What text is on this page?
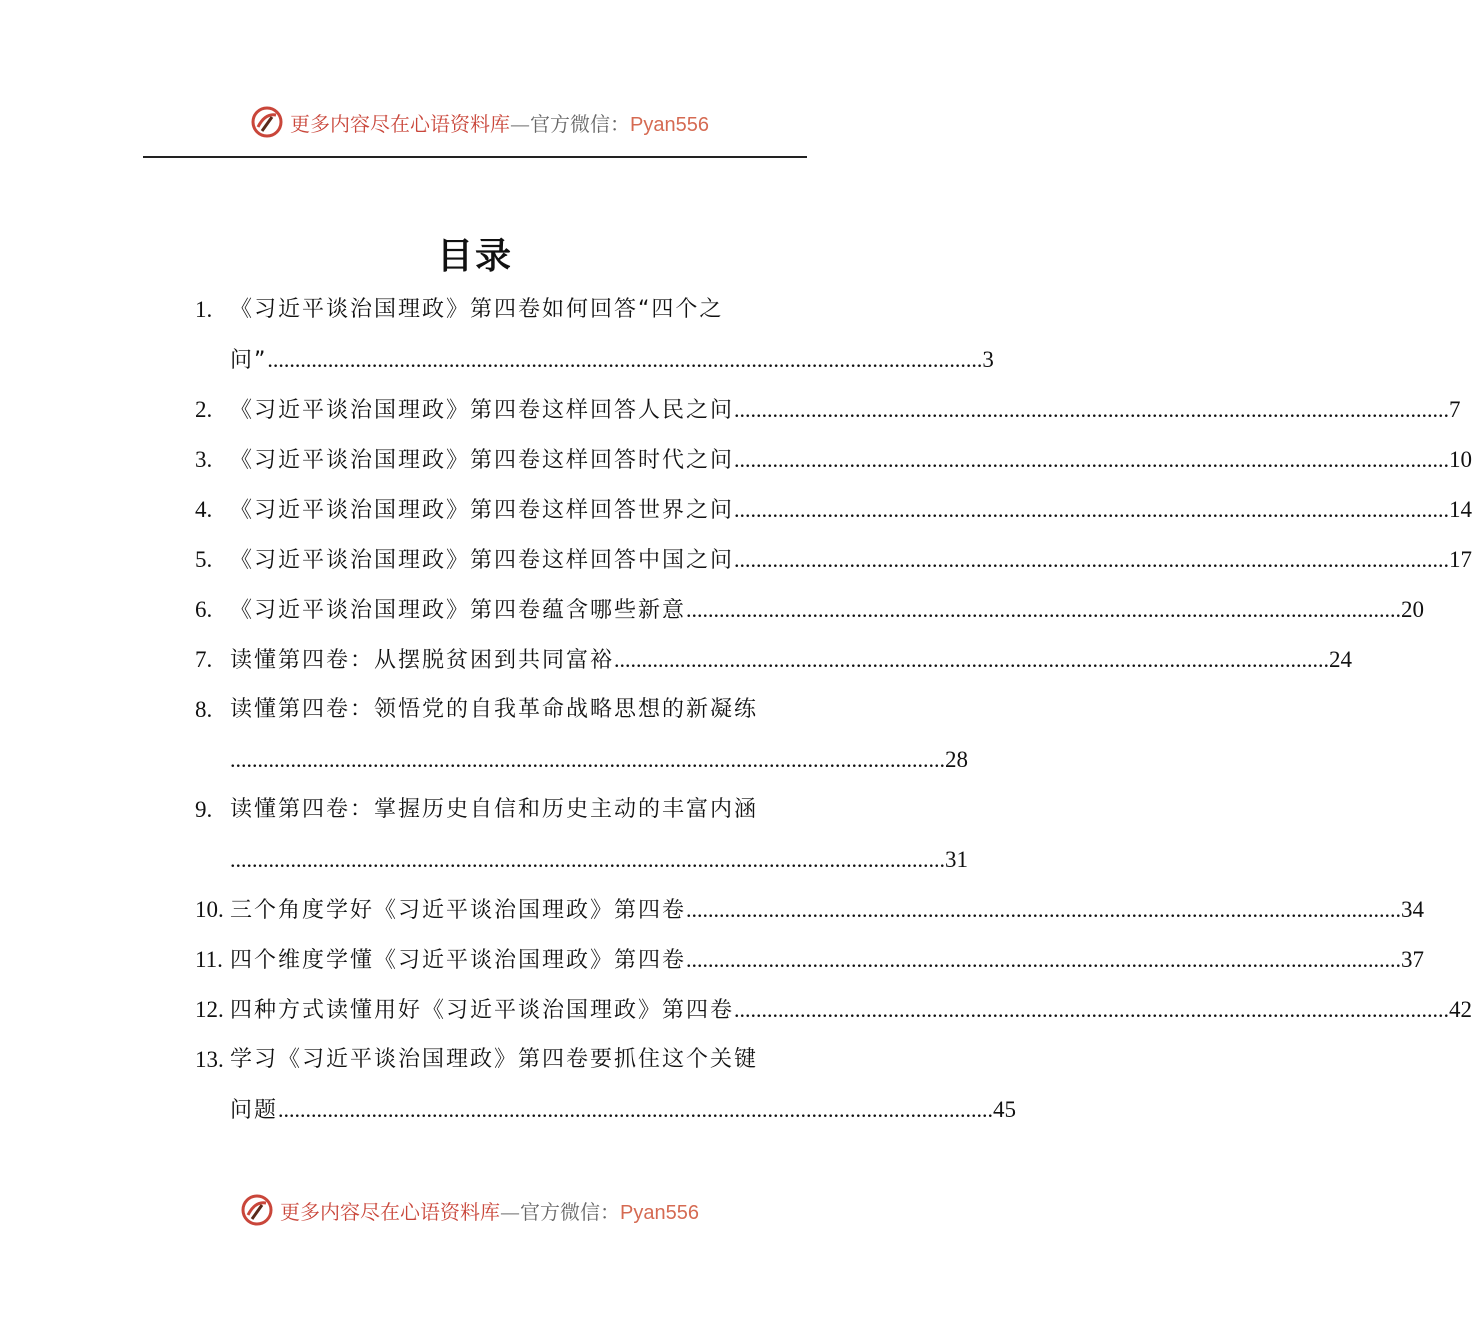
更多内容尽在心语资料库—官方微信：Pyan556
目录
1. 《习近平谈治国理政》第四卷如何回答“四个之
问” .................................................................................................................................. 3
2. 《习近平谈治国理政》第四卷这样回答人民之问 .................................................................................................................................. 7
3. 《习近平谈治国理政》第四卷这样回答时代之问 .................................................................................................................................. 10
4. 《习近平谈治国理政》第四卷这样回答世界之问 .................................................................................................................................. 14
5. 《习近平谈治国理政》第四卷这样回答中国之问 .................................................................................................................................. 17
6. 《习近平谈治国理政》第四卷蕴含哪些新意 .................................................................................................................................. 20
7. 读懂第四卷：从摆脱贫困到共同富裕 .................................................................................................................................. 24
8. 读懂第四卷：领悟党的自我革命战略思想的新凝练
.................................................................................................................................. 28
9. 读懂第四卷：掌握历史自信和历史主动的丰富内涵
.................................................................................................................................. 31
10. 三个角度学好《习近平谈治国理政》第四卷 .................................................................................................................................. 34
11. 四个维度学懂《习近平谈治国理政》第四卷 .................................................................................................................................. 37
12. 四种方式读懂用好《习近平谈治国理政》第四卷 .................................................................................................................................. 42
13. 学习《习近平谈治国理政》第四卷要抓住这个关键
问题 .................................................................................................................................. 45
更多内容尽在心语资料库—官方微信：Pyan556
